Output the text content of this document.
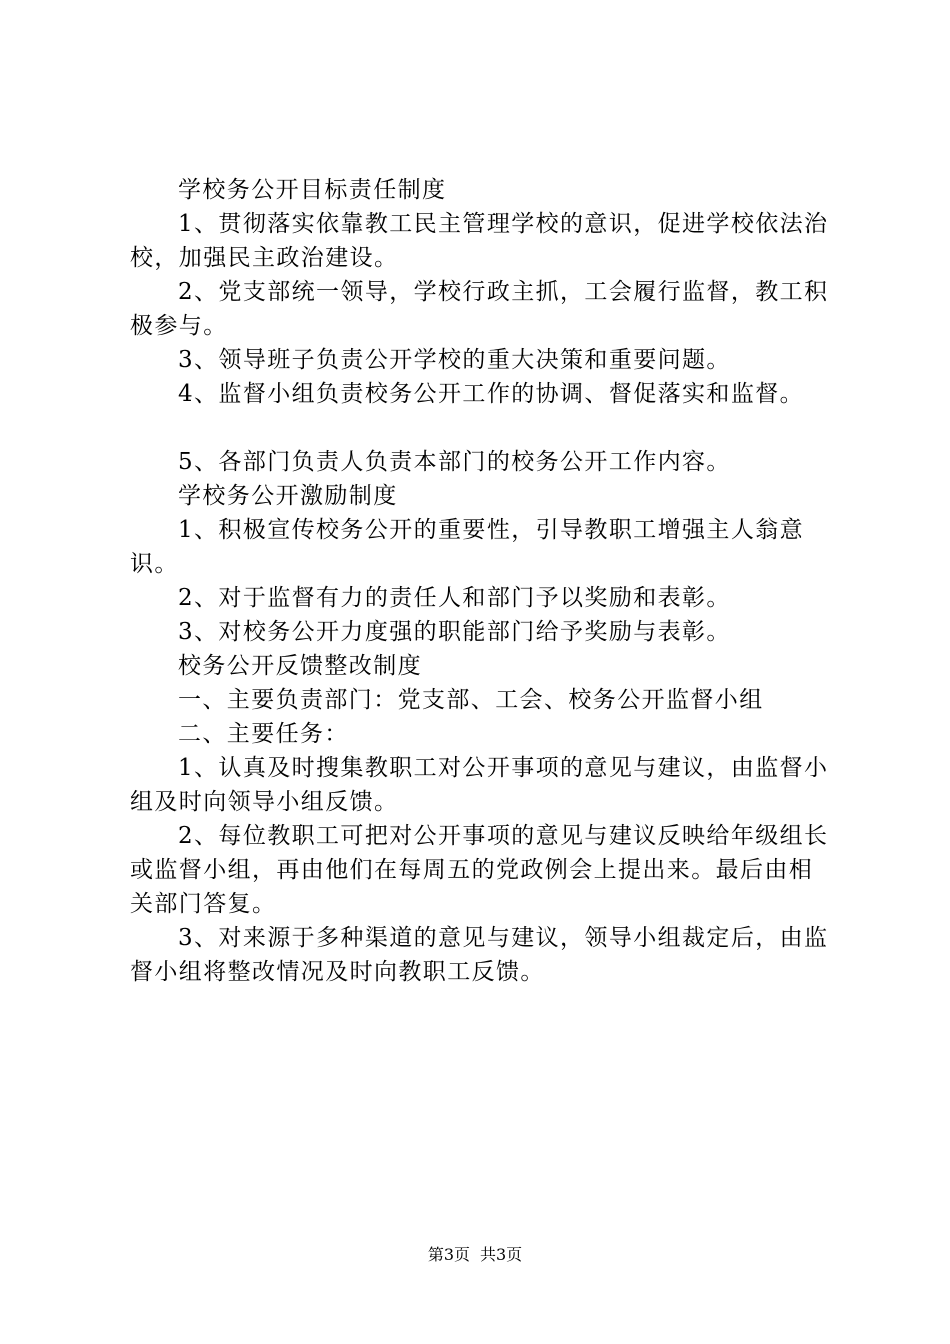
学校务公开目标责任制度

1、贯彻落实依靠教工民主管理学校的意识，促进学校依法治校，加强民主政治建设。

2、党支部统一领导，学校行政主抓，工会履行监督，教工积极参与。

3、领导班子负责公开学校的重大决策和重要问题。

4、监督小组负责校务公开工作的协调、督促落实和监督。

5、各部门负责人负责本部门的校务公开工作内容。

学校务公开激励制度

1、积极宣传校务公开的重要性，引导教职工增强主人翁意识。

2、对于监督有力的责任人和部门予以奖励和表彰。

3、对校务公开力度强的职能部门给予奖励与表彰。

校务公开反馈整改制度

一、主要负责部门：党支部、工会、校务公开监督小组

二、主要任务：

1、认真及时搜集教职工对公开事项的意见与建议，由监督小组及时向领导小组反馈。

2、每位教职工可把对公开事项的意见与建议反映给年级组长或监督小组，再由他们在每周五的党政例会上提出来。最后由相关部门答复。

3、对来源于多种渠道的意见与建议，领导小组裁定后，由监督小组将整改情况及时向教职工反馈。

第3页 共3页
